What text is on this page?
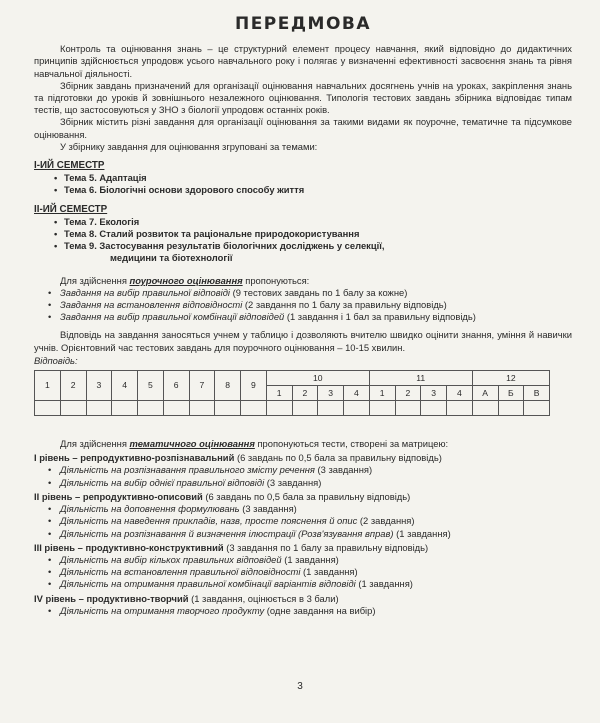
ПЕРЕДМОВА

Контроль та оцінювання знань – це структурний елемент процесу навчання, який відповідно до дидактичних принципів здійснюється упродовж усього навчального року і полягає у визначенні ефективності засвоєння знань та рівня навчальної діяльності.

Збірник завдань призначений для організації оцінювання навчальних досягнень учнів на уроках, закріплення знань та підготовки до уроків й зовнішнього незалежного оцінювання. Типологія тестових завдань збірника відповідає типам тестів, що застосовуються у ЗНО з біології упродовж останніх років.

Збірник містить різні завдання для організації оцінювання за такими видами як поурочне, тематичне та підсумкове оцінювання.

У збірнику завдання для оцінювання згруповані за темами:

І-ИЙ СЕМЕСТР
• Тема 5. Адаптація
• Тема 6. Біологічні основи здорового способу життя
ІІ-ИЙ СЕМЕСТР
• Тема 7. Екологія
• Тема 8. Сталий розвиток та раціональне природокористування
• Тема 9. Застосування результатів біологічних досліджень у селекції,
медицини та біотехнології

Для здійснення поурочного оцінювання пропонуються:

• Завдання на вибір правильної відповіді (9 тестових завдань по 1 балу за кожне)
• Завдання на встановлення відповідності (2 завдання по 1 балу за правильну відповідь)
• Завдання на вибір правильної комбінації відповідей (1 завдання і 1 бал за правильну відповідь)

Відповідь на завдання заносяться учнем у таблицю і дозволяють вчителю швидко оцінити знання, уміння й навички учнів. Орієнтовний час тестових завдань для поурочного оцінювання – 10-15 хвилин.

Відповідь:
1	2	3	4	5	6	7	8	9	10				11				12		
									1	2	3	4	1	2	3	4	А	Б	В

Для здійснення тематичного оцінювання пропонуються тести, створені за матрицею:

І рівень – репродуктивно-розпізнавальний (6 завдань по 0,5 бала за правильну відповідь)
• Діяльність на розпізнавання правильного змісту речення (3 завдання)
• Діяльність на вибір однієї правильної відповіді (3 завдання)
ІІ рівень – репродуктивно-описовий (6 завдань по 0,5 бала за правильну відповідь)
• Діяльність на доповнення формулювань (3 завдання)
• Діяльність на наведення прикладів, назв, просте пояснення й опис (2 завдання)
• Діяльність на розпізнавання й визначення ілюстрації (Розв'язування вправ) (1 завдання)
ІІІ рівень – продуктивно-конструктивний (3 завдання по 1 балу за правильну відповідь)
• Діяльність на вибір кількох правильних відповідей (1 завдання)
• Діяльність на встановлення правильної відповідності (1 завдання)
• Діяльність на отримання правильної комбінації варіантів відповіді (1 завдання)
ІV рівень – продуктивно-творчий (1 завдання, оцінюється в 3 бали)
• Діяльність на отримання творчого продукту (одне завдання на вибір)
3
